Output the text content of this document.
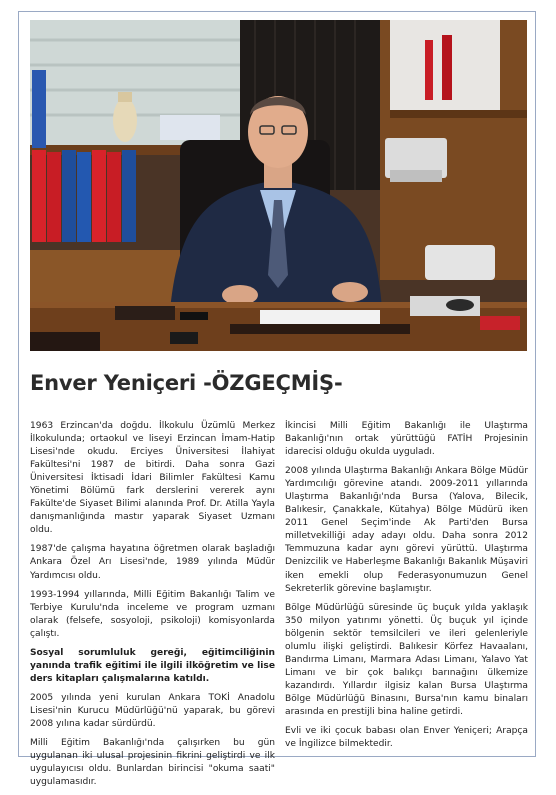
Enver Yeniçeri -ÖZGEÇMİŞ-

1963 Erzincan'da doğdu. İlkokulu Üzümlü Merkez İlkokulunda; ortaokul ve liseyi Erzincan İmam-Hatip Lisesi'nde okudu. Erciyes Üniversitesi İlahiyat Fakültesi'ni 1987 de bitirdi. Daha sonra Gazi Üniversitesi İktisadi İdari Bilimler Fakültesi Kamu Yönetimi Bölümü fark derslerini vererek aynı Fakülte'de Siyaset Bilimi alanında Prof. Dr. Atilla Yayla danışmanlığında mastır yaparak Siyaset Uzmanı oldu.

1987'de çalışma hayatına öğretmen olarak başladığı Ankara Özel Arı Lisesi'nde, 1989 yılında Müdür Yardımcısı oldu.

1993-1994 yıllarında, Milli Eğitim Bakanlığı Talim ve Terbiye Kurulu'nda inceleme ve program uzmanı olarak (felsefe, sosyoloji, psikoloji) komisyonlarda çalıştı.

Sosyal sorumluluk gereği, eğitimciliğinin yanında trafik eğitimi ile ilgili ilköğretim ve lise ders kitapları çalışmalarına katıldı.

2005 yılında yeni kurulan Ankara TOKİ Anadolu Lisesi'nin Kurucu Müdürlüğü'nü yaparak, bu görevi 2008 yılına kadar sürdürdü.

Milli Eğitim Bakanlığı'nda çalışırken bu gün uygulanan iki ulusal projesinin fikrini geliştirdi ve ilk uygulayıcısı oldu. Bunlardan birincisi "okuma saati" uygulamasıdır.

İkincisi Milli Eğitim Bakanlığı ile Ulaştırma Bakanlığı'nın ortak yürüttüğü FATİH Projesinin idarecisi olduğu okulda uyguladı.

2008 yılında Ulaştırma Bakanlığı Ankara Bölge Müdür Yardımcılığı görevine atandı. 2009-2011 yıllarında Ulaştırma Bakanlığı'nda Bursa (Yalova, Bilecik, Balıkesir, Çanakkale, Kütahya) Bölge Müdürü iken 2011 Genel Seçim'inde Ak Parti'den Bursa milletvekilliği aday adayı oldu. Daha sonra 2012 Temmuzuna kadar aynı görevi yürüttü. Ulaştırma Denizcilik ve Haberleşme Bakanlığı Bakanlık Müşaviri iken emekli olup Federasyonumuzun Genel Sekreterlik görevine başlamıştır.

Bölge Müdürlüğü süresinde üç buçuk yılda yaklaşık 350 milyon yatırımı yönetti. Üç buçuk yıl içinde bölgenin sektör temsilcileri ve ileri gelenleriyle olumlu ilişki geliştirdi. Balıkesir Körfez Havaalanı, Bandırma Limanı, Marmara Adası Limanı, Yalavo Yat Limanı ve bir çok balıkçı barınağını ülkemize kazandırdı. Yıllardır ilgisiz kalan Bursa Ulaştırma Bölge Müdürlüğü Binasını, Bursa'nın kamu binaları arasında en prestijli bina haline getirdi.

Evli ve iki çocuk babası olan Enver Yeniçeri; Arapça ve İngilizce bilmektedir.
